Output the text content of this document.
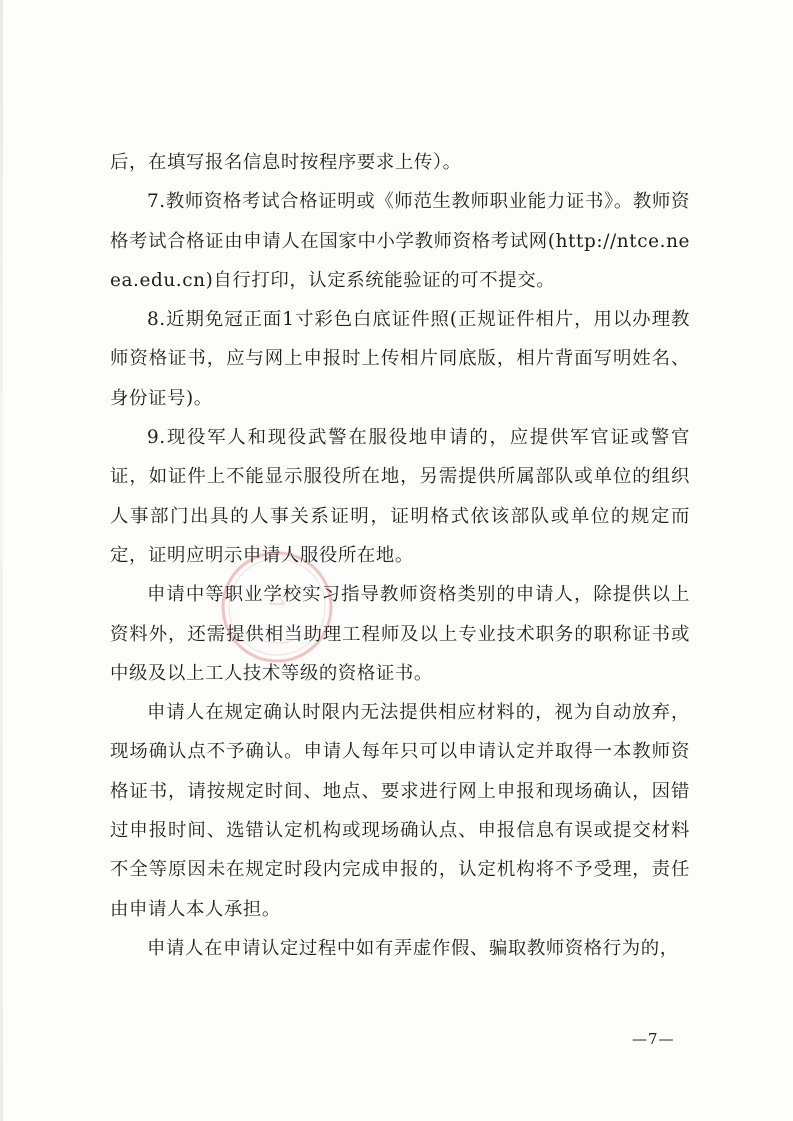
后，在填写报名信息时按程序要求上传）。

7.教师资格考试合格证明或《师范生教师职业能力证书》。教师资格考试合格证由申请人在国家中小学教师资格考试网(http://ntce.neea.edu.cn)自行打印，认定系统能验证的可不提交。

8.近期免冠正面1寸彩色白底证件照(正规证件相片，用以办理教师资格证书，应与网上申报时上传相片同底版，相片背面写明姓名、身份证号)。

9.现役军人和现役武警在服役地申请的，应提供军官证或警官证，如证件上不能显示服役所在地，另需提供所属部队或单位的组织人事部门出具的人事关系证明，证明格式依该部队或单位的规定而定，证明应明示申请人服役所在地。

申请中等职业学校实习指导教师资格类别的申请人，除提供以上资料外，还需提供相当助理工程师及以上专业技术职务的职称证书或中级及以上工人技术等级的资格证书。

申请人在规定确认时限内无法提供相应材料的，视为自动放弃，现场确认点不予确认。申请人每年只可以申请认定并取得一本教师资格证书，请按规定时间、地点、要求进行网上申报和现场确认，因错过申报时间、选错认定机构或现场确认点、申报信息有误或提交材料不全等原因未在规定时段内完成申报的，认定机构将不予受理，责任由申请人本人承担。

申请人在申请认定过程中如有弄虚作假、骗取教师资格行为的，

—7—
